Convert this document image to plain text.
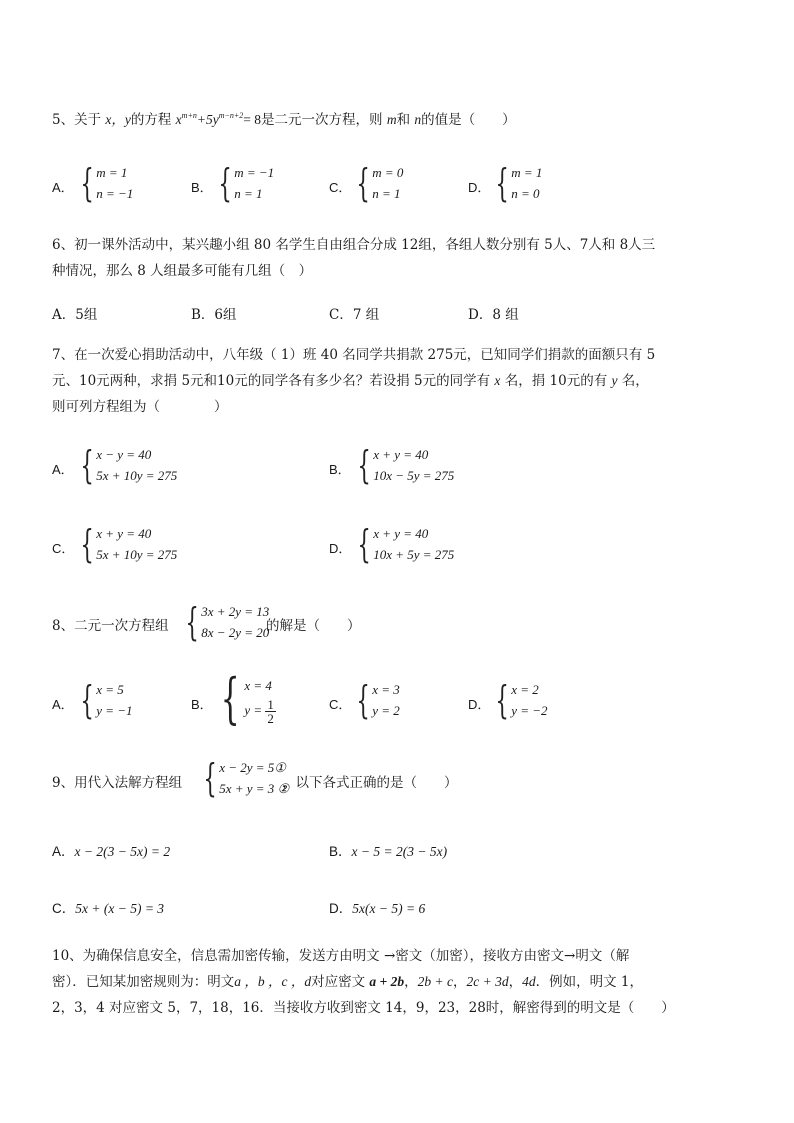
5、关于 x，y的方程 $x^{m+n}+5y^{m-n+2}= 8$是二元一次方程，则 m和 n的值是（　　）
A． { m = 1
n = −1	B． { m = −1
n = 1	C． { m = 0
n = 1	D． { m = 1
n = 0
6、初一课外活动中，某兴趣小组 80 名学生自由组合分成 12组，各组人数分别有 5人、7人和 8人三
种情况，那么 8 人组最多可能有几组（　）
A．5组	B．6组	C．7 组	D．8 组
7、在一次爱心捐助活动中，八年级（ 1）班 40 名同学共捐款 275元，已知同学们捐款的面额只有 5
元、10元两种，求捐 5元和10元的同学各有多少名？若设捐 5元的同学有 x 名，捐 10元的有 y 名，
则可列方程组为（　　　　）
A． { x − y = 40
5x + 10y = 275	B． { x + y = 40
10x − 5y = 275
C． { x + y = 40
5x + 10y = 275	D． { x + y = 40
10x + 5y = 275
8、二元一次方程组 { 3x + 2y = 13
8x − 2y = 20
的解是（　　）
A． { x = 5
y = −1	B． { x = 4
$y = \frac{1}{2}$	C． { x = 3
y = 2	D． { x = 2
y = −2
9、用代入法解方程组 { x − 2y = 5①
5x + y = 3 ②
，以下各式正确的是（　　）
A．x − 2(3 − 5x) = 2	B．x − 5 = 2(3 − 5x)
C．5x + (x − 5) = 3	D．5x(x − 5) = 6
10、为确保信息安全，信息需加密传输，发送方由明文 →密文（加密），接收方由密文→明文（解
密）．已知某加密规则为：明文a ，b ，c ，d对应密文 a + 2b，2b + c，2c + 3d，4d．例如，明文 1，
2，3，4 对应密文 5，7，18，16．当接收方收到密文 14，9，23，28时，解密得到的明文是（　　）
